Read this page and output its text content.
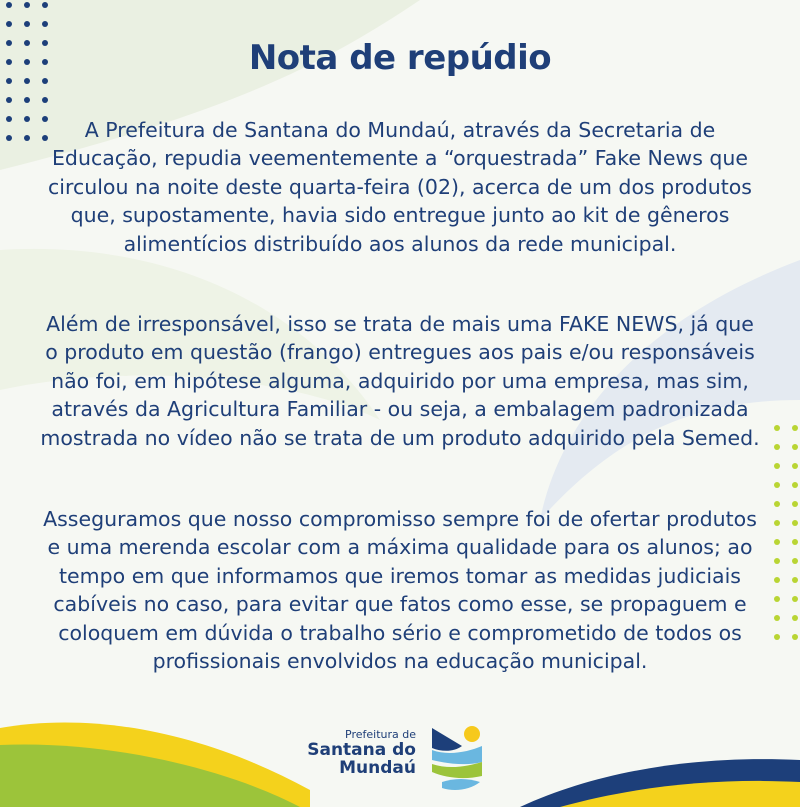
Nota de repúdio

A Prefeitura de Santana do Mundaú, através da Secretaria de Educação, repudia veementemente a “orquestrada” Fake News que circulou na noite deste quarta-feira (02), acerca de um dos produtos que, supostamente, havia sido entregue junto ao kit de gêneros alimentícios distribuído aos alunos da rede municipal.

Além de irresponsável, isso se trata de mais uma FAKE NEWS, já que o produto em questão (frango) entregues aos pais e/ou responsáveis não foi, em hipótese alguma, adquirido por uma empresa, mas sim, através da Agricultura Familiar - ou seja, a embalagem padronizada mostrada no vídeo não se trata de um produto adquirido pela Semed.

Asseguramos que nosso compromisso sempre foi de ofertar produtos e uma merenda escolar com a máxima qualidade para os alunos; ao tempo em que informamos que iremos tomar as medidas judiciais cabíveis no caso, para evitar que fatos como esse, se propaguem e coloquem em dúvida o trabalho sério e comprometido de todos os profissionais envolvidos na educação municipal.

Prefeitura de
Santana do
Mundaú
